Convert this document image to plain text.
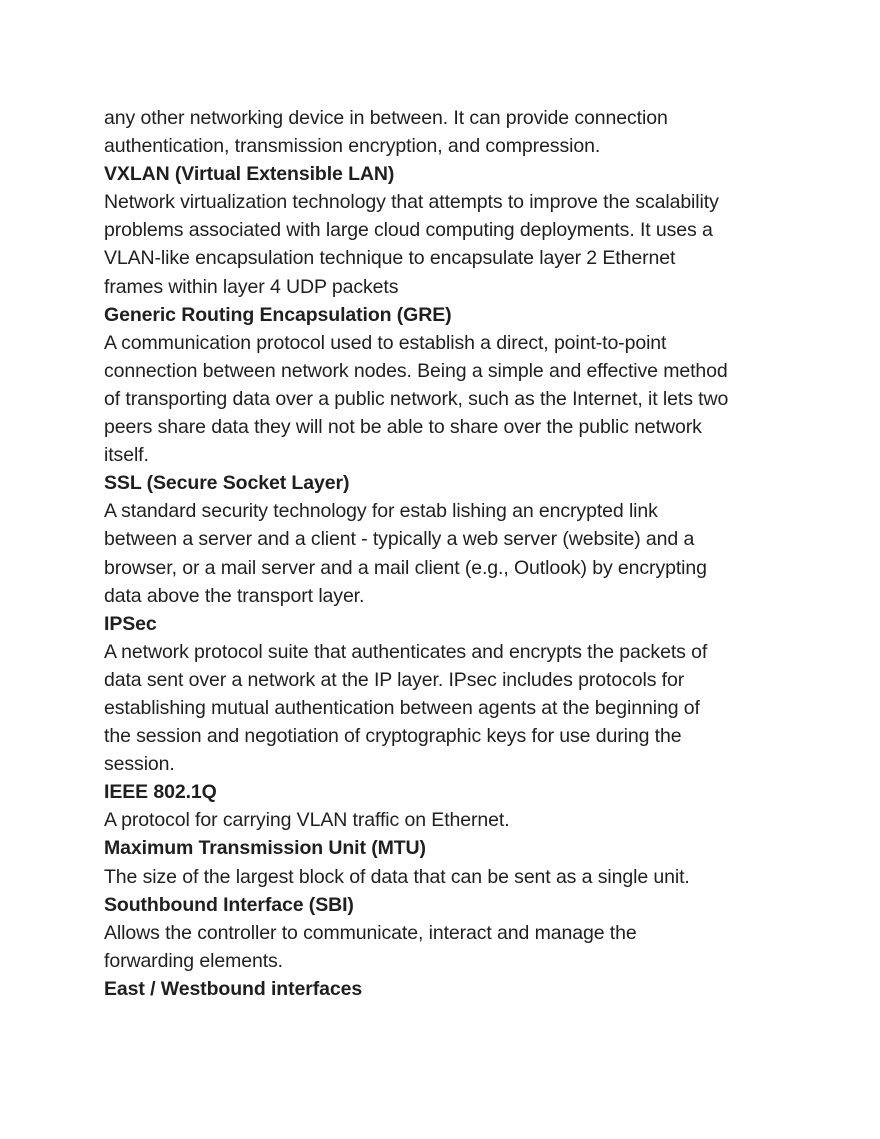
any other networking device in between. It can provide connection
authentication, transmission encryption, and compression.
VXLAN (Virtual Extensible LAN)
Network virtualization technology that attempts to improve the scalability
problems associated with large cloud computing deployments. It uses a
VLAN-like encapsulation technique to encapsulate layer 2 Ethernet
frames within layer 4 UDP packets
Generic Routing Encapsulation (GRE)
A communication protocol used to establish a direct, point-to-point
connection between network nodes. Being a simple and effective method
of transporting data over a public network, such as the Internet, it lets two
peers share data they will not be able to share over the public network
itself.
SSL (Secure Socket Layer)
A standard security technology for estab lishing an encrypted link
between a server and a client - typically a web server (website) and a
browser, or a mail server and a mail client (e.g., Outlook) by encrypting
data above the transport layer.
IPSec
A network protocol suite that authenticates and encrypts the packets of
data sent over a network at the IP layer. IPsec includes protocols for
establishing mutual authentication between agents at the beginning of
the session and negotiation of cryptographic keys for use during the
session.
IEEE 802.1Q
A protocol for carrying VLAN traffic on Ethernet.
Maximum Transmission Unit (MTU)
The size of the largest block of data that can be sent as a single unit.
Southbound Interface (SBI)
Allows the controller to communicate, interact and manage the
forwarding elements.
East / Westbound interfaces
